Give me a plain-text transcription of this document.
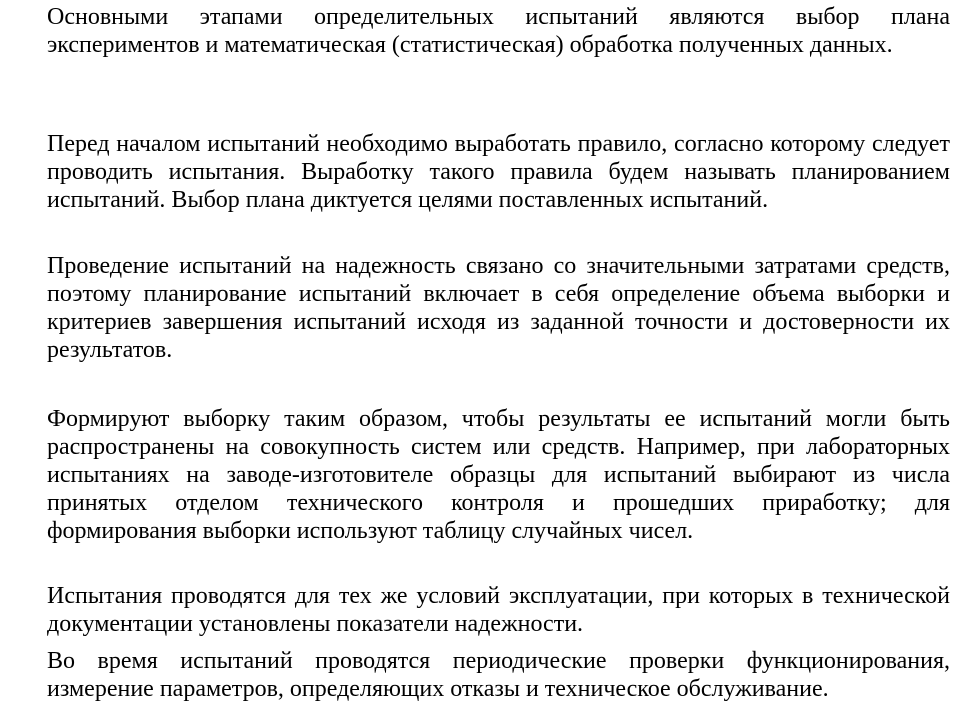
Основными этапами определительных испытаний являются выбор плана экспериментов и математическая (статистическая) обработка полученных данных.

Перед началом испытаний необходимо выработать правило, согласно которому следует проводить испытания. Выработку такого правила будем называть планированием испытаний. Выбор плана диктуется целями поставленных испытаний.

Проведение испытаний на надежность связано со значительными затратами средств, поэтому планирование испытаний включает в себя определение объема выборки и критериев завершения испытаний исходя из заданной точности и достоверности их результатов.

Формируют выборку таким образом, чтобы результаты ее испытаний могли быть распространены на совокупность систем или средств. Например, при лабораторных испытаниях на заводе-изготовителе образцы для испытаний выбирают из числа принятых отделом технического контроля и прошедших приработку; для формирования выборки используют таблицу случайных чисел.

Испытания проводятся для тех же условий эксплуатации, при которых в технической документации установлены показатели надежности.

Во время испытаний проводятся периодические проверки функционирования, измерение параметров, определяющих отказы и техническое обслуживание.
